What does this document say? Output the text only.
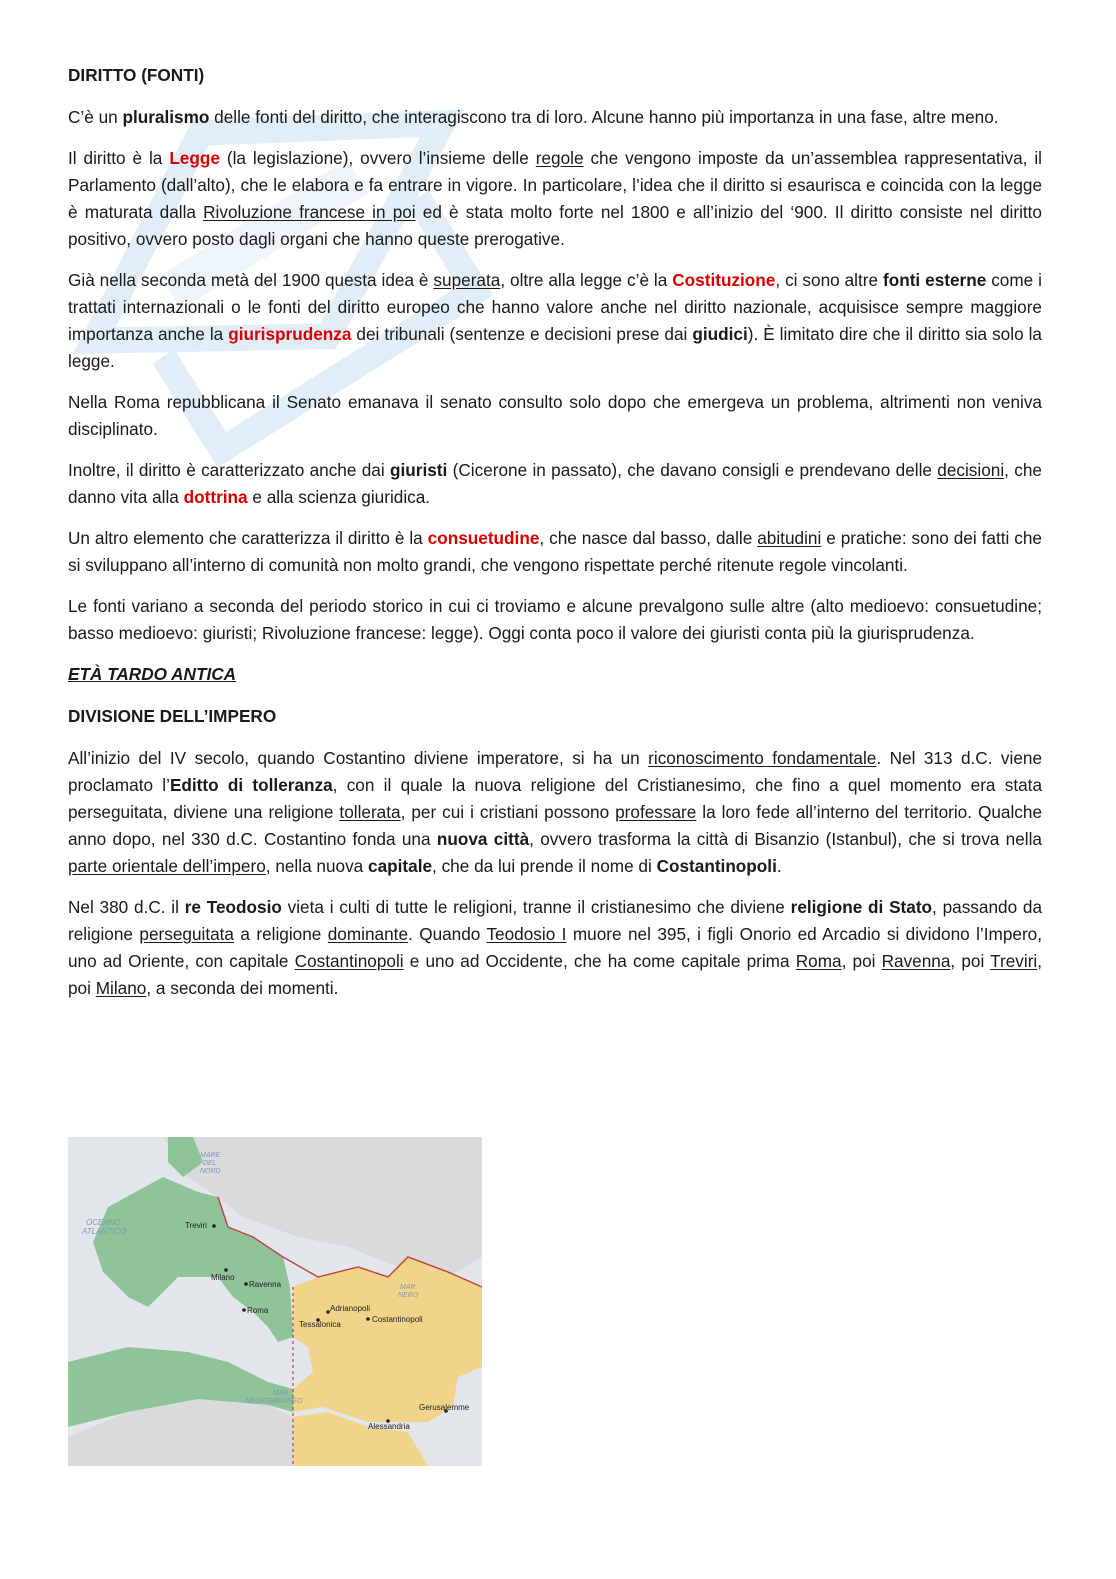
DIRITTO (FONTI)

C’è un pluralismo delle fonti del diritto, che interagiscono tra di loro. Alcune hanno più importanza in una fase, altre meno.

Il diritto è la Legge (la legislazione), ovvero l’insieme delle regole che vengono imposte da un’assemblea rappresentativa, il Parlamento (dall’alto), che le elabora e fa entrare in vigore. In particolare, l’idea che il diritto si esaurisca e coincida con la legge è maturata dalla Rivoluzione francese in poi ed è stata molto forte nel 1800 e all’inizio del ‘900. Il diritto consiste nel diritto positivo, ovvero posto dagli organi che hanno queste prerogative.

Già nella seconda metà del 1900 questa idea è superata, oltre alla legge c’è la Costituzione, ci sono altre fonti esterne come i trattati internazionali o le fonti del diritto europeo che hanno valore anche nel diritto nazionale, acquisisce sempre maggiore importanza anche la giurisprudenza dei tribunali (sentenze e decisioni prese dai giudici). È limitato dire che il diritto sia solo la legge.

Nella Roma repubblicana il Senato emanava il senato consulto solo dopo che emergeva un problema, altrimenti non veniva disciplinato.

Inoltre, il diritto è caratterizzato anche dai giuristi (Cicerone in passato), che davano consigli e prendevano delle decisioni, che danno vita alla dottrina e alla scienza giuridica.

Un altro elemento che caratterizza il diritto è la consuetudine, che nasce dal basso, dalle abitudini e pratiche: sono dei fatti che si sviluppano all’interno di comunità non molto grandi, che vengono rispettate perché ritenute regole vincolanti.

Le fonti variano a seconda del periodo storico in cui ci troviamo e alcune prevalgono sulle altre (alto medioevo: consuetudine; basso medioevo: giuristi; Rivoluzione francese: legge). Oggi conta poco il valore dei giuristi conta più la giurisprudenza.

ETÀ TARDO ANTICA

DIVISIONE DELL’IMPERO

All’inizio del IV secolo, quando Costantino diviene imperatore, si ha un riconoscimento fondamentale. Nel 313 d.C. viene proclamato l’Editto di tolleranza, con il quale la nuova religione del Cristianesimo, che fino a quel momento era stata perseguitata, diviene una religione tollerata, per cui i cristiani possono professare la loro fede all’interno del territorio. Qualche anno dopo, nel 330 d.C. Costantino fonda una nuova città, ovvero trasforma la città di Bisanzio (Istanbul), che si trova nella parte orientale dell’impero, nella nuova capitale, che da lui prende il nome di Costantinopoli.

Nel 380 d.C. il re Teodosio vieta i culti di tutte le religioni, tranne il cristianesimo che diviene religione di Stato, passando da religione perseguitata a religione dominante. Quando Teodosio I muore nel 395, i figli Onorio ed Arcadio si dividono l’Impero, uno ad Oriente, con capitale Costantinopoli e uno ad Occidente, che ha come capitale prima Roma, poi Ravenna, poi Treviri, poi Milano, a seconda dei momenti.

MARE DEL NORD
OCEANO ATLANTICO
MAR NERO
MAR MEDITERRANEO
Treviri
Milano
Ravenna
Roma	Adrianopoli
Tessalonica
Costantinopoli
Gerusalemme
Alessandria
